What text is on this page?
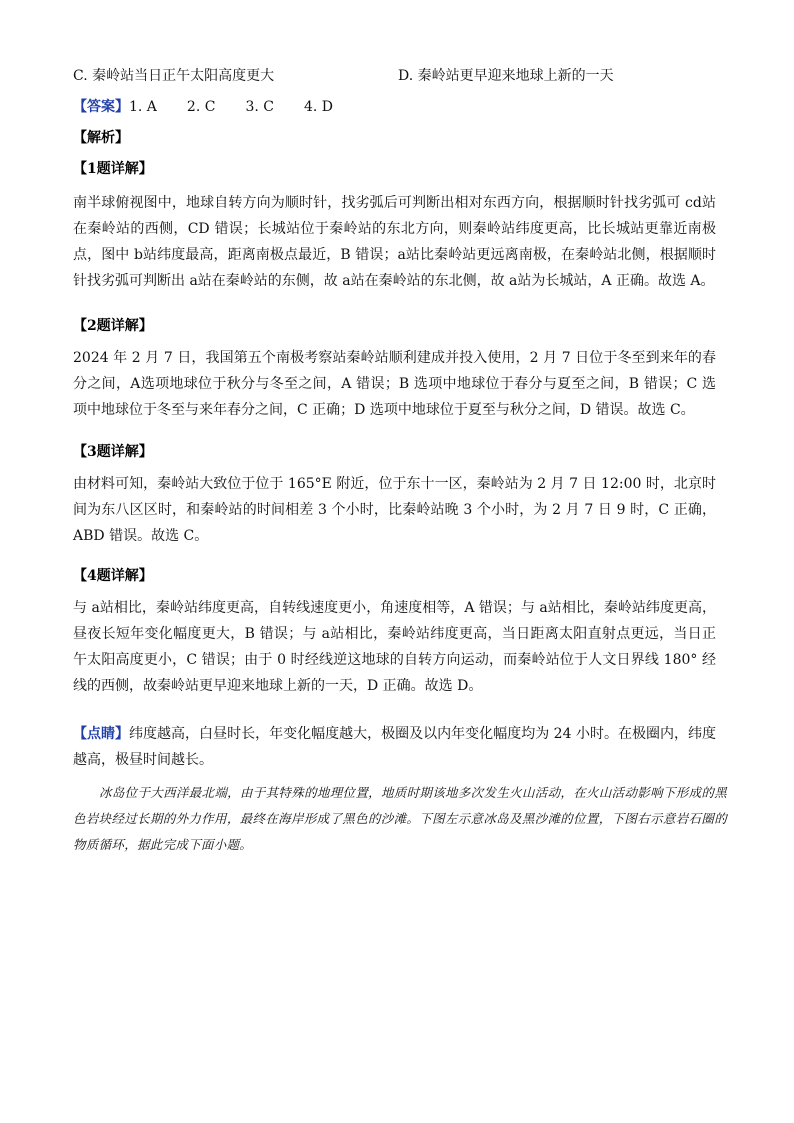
C. 秦岭站当日正午太阳高度更大	D. 秦岭站更早迎来地球上新的一天
【答案】1. A 2. C 3. C 4. D
【解析】
【1题详解】
南半球俯视图中，地球自转方向为顺时针，找劣弧后可判断出相对东西方向，根据顺时针找劣弧可 cd站在秦岭站的西侧，CD 错误；长城站位于秦岭站的东北方向，则秦岭站纬度更高，比长城站更靠近南极点，图中 b站纬度最高，距离南极点最近，B 错误；a站比秦岭站更远离南极，在秦岭站北侧，根据顺时针找劣弧可判断出 a站在秦岭站的东侧，故 a站在秦岭站的东北侧，故 a站为长城站，A 正确。故选 A。
【2题详解】
2024 年 2 月 7 日，我国第五个南极考察站秦岭站顺利建成并投入使用，2 月 7 日位于冬至到来年的春分之间，A选项地球位于秋分与冬至之间，A 错误；B 选项中地球位于春分与夏至之间，B 错误；C 选项中地球位于冬至与来年春分之间，C 正确；D 选项中地球位于夏至与秋分之间，D 错误。故选 C。
【3题详解】
由材料可知，秦岭站大致位于位于 165°E 附近，位于东十一区，秦岭站为 2 月 7 日 12:00 时，北京时间为东八区区时，和秦岭站的时间相差 3 个小时，比秦岭站晚 3 个小时，为 2 月 7 日 9 时，C 正确，ABD 错误。故选 C。
【4题详解】
与 a站相比，秦岭站纬度更高，自转线速度更小，角速度相等，A 错误；与 a站相比，秦岭站纬度更高，昼夜长短年变化幅度更大，B 错误；与 a站相比，秦岭站纬度更高，当日距离太阳直射点更远，当日正午太阳高度更小，C 错误；由于 0 时经线逆这地球的自转方向运动，而秦岭站位于人文日界线 180° 经线的西侧，故秦岭站更早迎来地球上新的一天，D 正确。故选 D。
【点睛】纬度越高，白昼时长，年变化幅度越大，极圈及以内年变化幅度均为 24 小时。在极圈内，纬度越高，极昼时间越长。
冰岛位于大西洋最北端，由于其特殊的地理位置，地质时期该地多次发生火山活动，在火山活动影响下形成的黑色岩块经过长期的外力作用，最终在海岸形成了黑色的沙滩。下图左示意冰岛及黑沙滩的位置，下图右示意岩石圈的物质循环，据此完成下面小题。
